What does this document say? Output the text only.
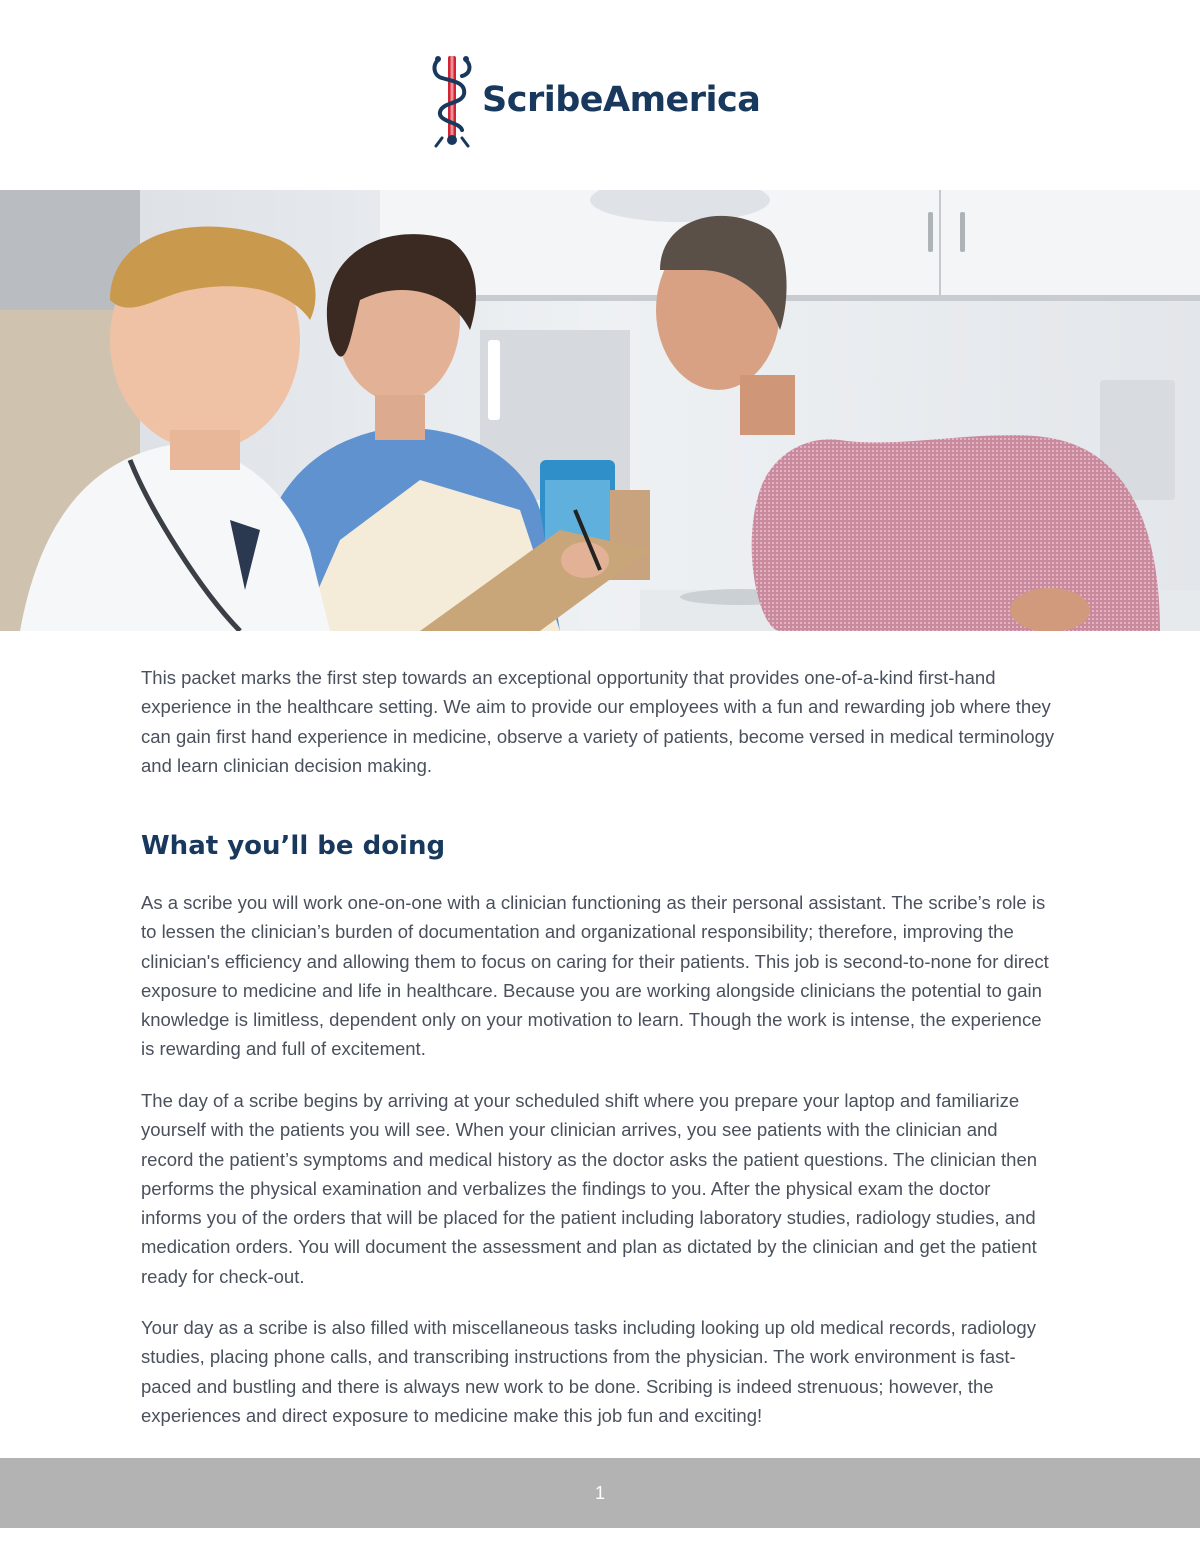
ScribeAmerica

This packet marks the first step towards an exceptional opportunity that provides one-of-a-kind first-hand experience in the healthcare setting. We aim to provide our employees with a fun and rewarding job where they can gain first hand experience in medicine, observe a variety of patients, become versed in medical terminology and learn clinician decision making.

What you’ll be doing

As a scribe you will work one-on-one with a clinician functioning as their personal assistant. The scribe’s role is to lessen the clinician’s burden of documentation and organizational responsibility; therefore, improving the clinician's efficiency and allowing them to focus on caring for their patients. This job is second-to-none for direct exposure to medicine and life in healthcare. Because you are working alongside clinicians the potential to gain knowledge is limitless, dependent only on your motivation to learn. Though the work is intense, the experience is rewarding and full of excitement.

The day of a scribe begins by arriving at your scheduled shift where you prepare your laptop and familiarize yourself with the patients you will see. When your clinician arrives, you see patients with the clinician and record the patient’s symptoms and medical history as the doctor asks the patient questions. The clinician then performs the physical examination and verbalizes the findings to you. After the physical exam the doctor informs you of the orders that will be placed for the patient including laboratory studies, radiology studies, and medication orders. You will document the assessment and plan as dictated by the clinician and get the patient ready for check-out.

Your day as a scribe is also filled with miscellaneous tasks including looking up old medical records, radiology studies, placing phone calls, and transcribing instructions from the physician. The work environment is fast-paced and bustling and there is always new work to be done. Scribing is indeed strenuous; however, the experiences and direct exposure to medicine make this job fun and exciting!

1
